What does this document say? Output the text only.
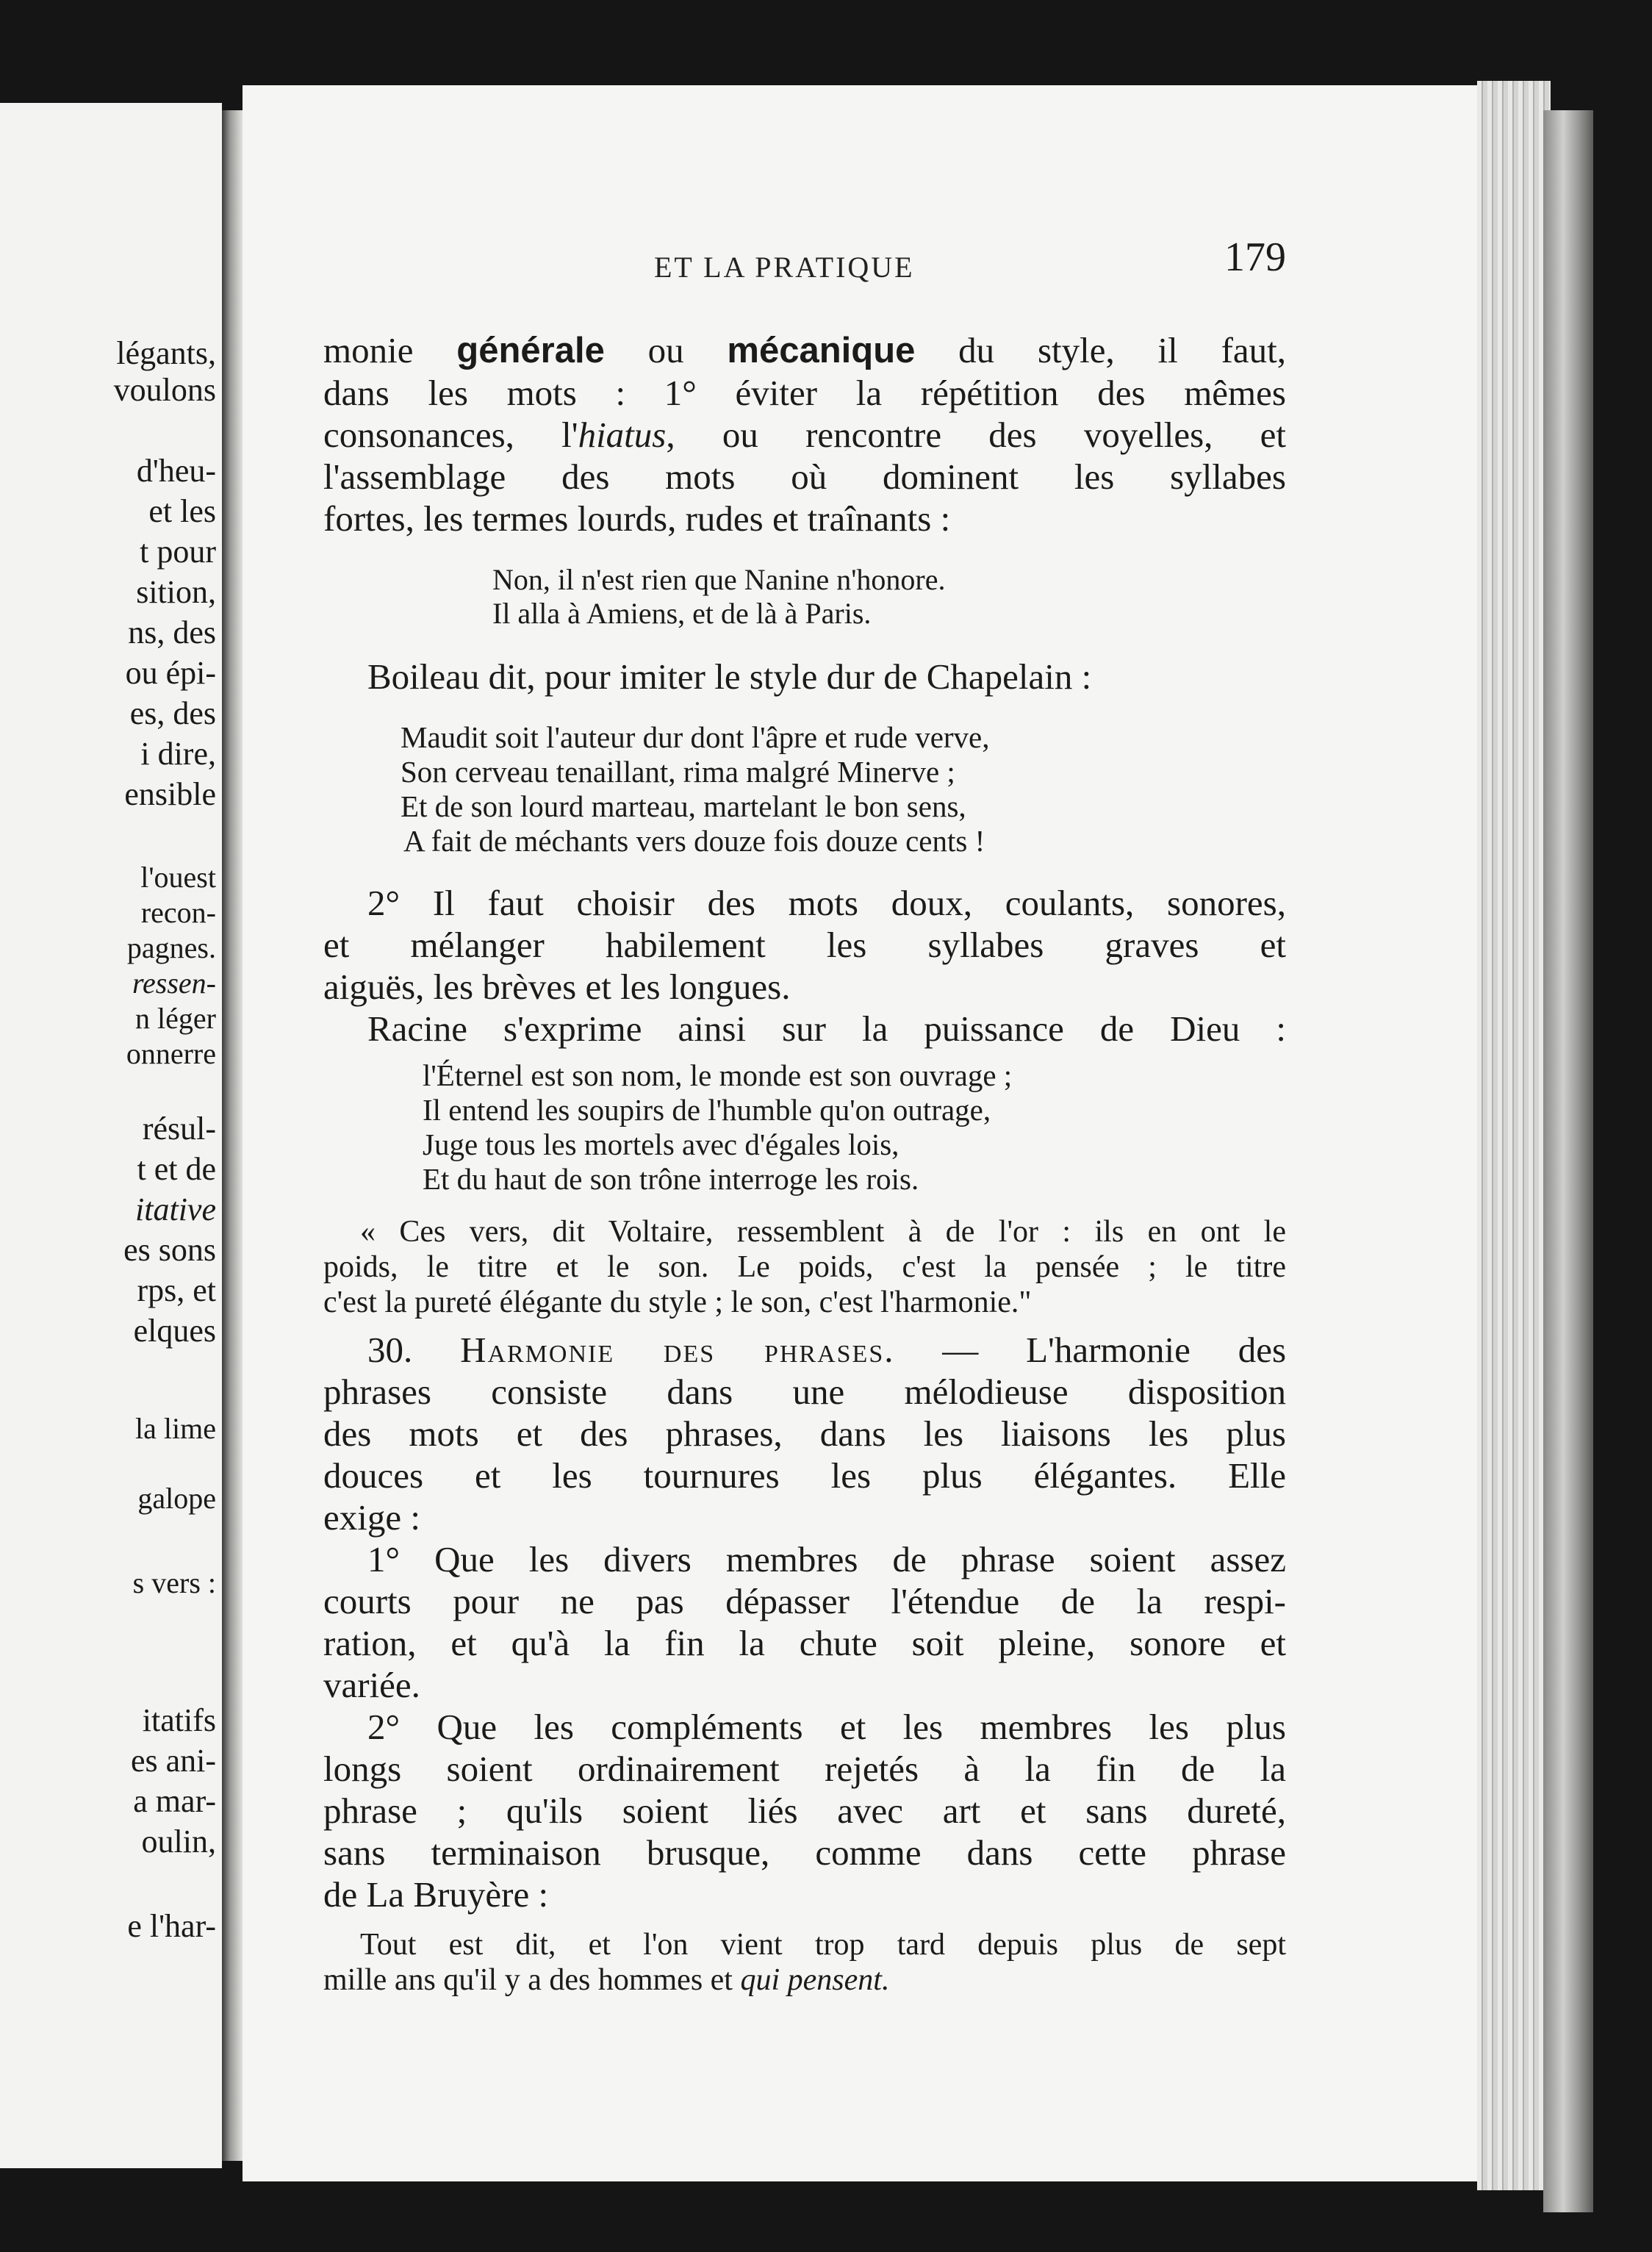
légants,
voulons
d'heu-
et les
t pour
sition,
ns, des
ou épi-
es, des
i dire,
ensible
l'ouest
recon-
pagnes.
ressen-
n léger
onnerre
résul-
t et de
itative
es sons
rps, et
elques
la lime
galope
s vers :
itatifs
es ani-
a mar-
oulin,
e l'har-
ET LA PRATIQUE	179
monie générale ou mécanique du style, il faut,
dans les mots : 1° éviter la répétition des mêmes
consonances, l'hiatus, ou rencontre des voyelles, et
l'assemblage des mots où dominent les syllabes
fortes, les termes lourds, rudes et traînants :
Non, il n'est rien que Nanine n'honore.
Il alla à Amiens, et de là à Paris.
Boileau dit, pour imiter le style dur de Chapelain :
Maudit soit l'auteur dur dont l'âpre et rude verve,
Son cerveau tenaillant, rima malgré Minerve ;
Et de son lourd marteau, martelant le bon sens,
A fait de méchants vers douze fois douze cents !
2° Il faut choisir des mots doux, coulants, sonores,
et mélanger habilement les syllabes graves et
aiguës, les brèves et les longues.
Racine s'exprime ainsi sur la puissance de Dieu :
l'Éternel est son nom, le monde est son ouvrage ;
Il entend les soupirs de l'humble qu'on outrage,
Juge tous les mortels avec d'égales lois,
Et du haut de son trône interroge les rois.
« Ces vers, dit Voltaire, ressemblent à de l'or : ils en ont le
poids, le titre et le son. Le poids, c'est la pensée ; le titre
c'est la pureté élégante du style ; le son, c'est l'harmonie."
30. Harmonie des phrases. — L'harmonie des
phrases consiste dans une mélodieuse disposition
des mots et des phrases, dans les liaisons les plus
douces et les tournures les plus élégantes. Elle
exige :
1° Que les divers membres de phrase soient assez
courts pour ne pas dépasser l'étendue de la respi-
ration, et qu'à la fin la chute soit pleine, sonore et
variée.
2° Que les compléments et les membres les plus
longs soient ordinairement rejetés à la fin de la
phrase ; qu'ils soient liés avec art et sans dureté,
sans terminaison brusque, comme dans cette phrase
de La Bruyère :
Tout est dit, et l'on vient trop tard depuis plus de sept
mille ans qu'il y a des hommes et qui pensent.
